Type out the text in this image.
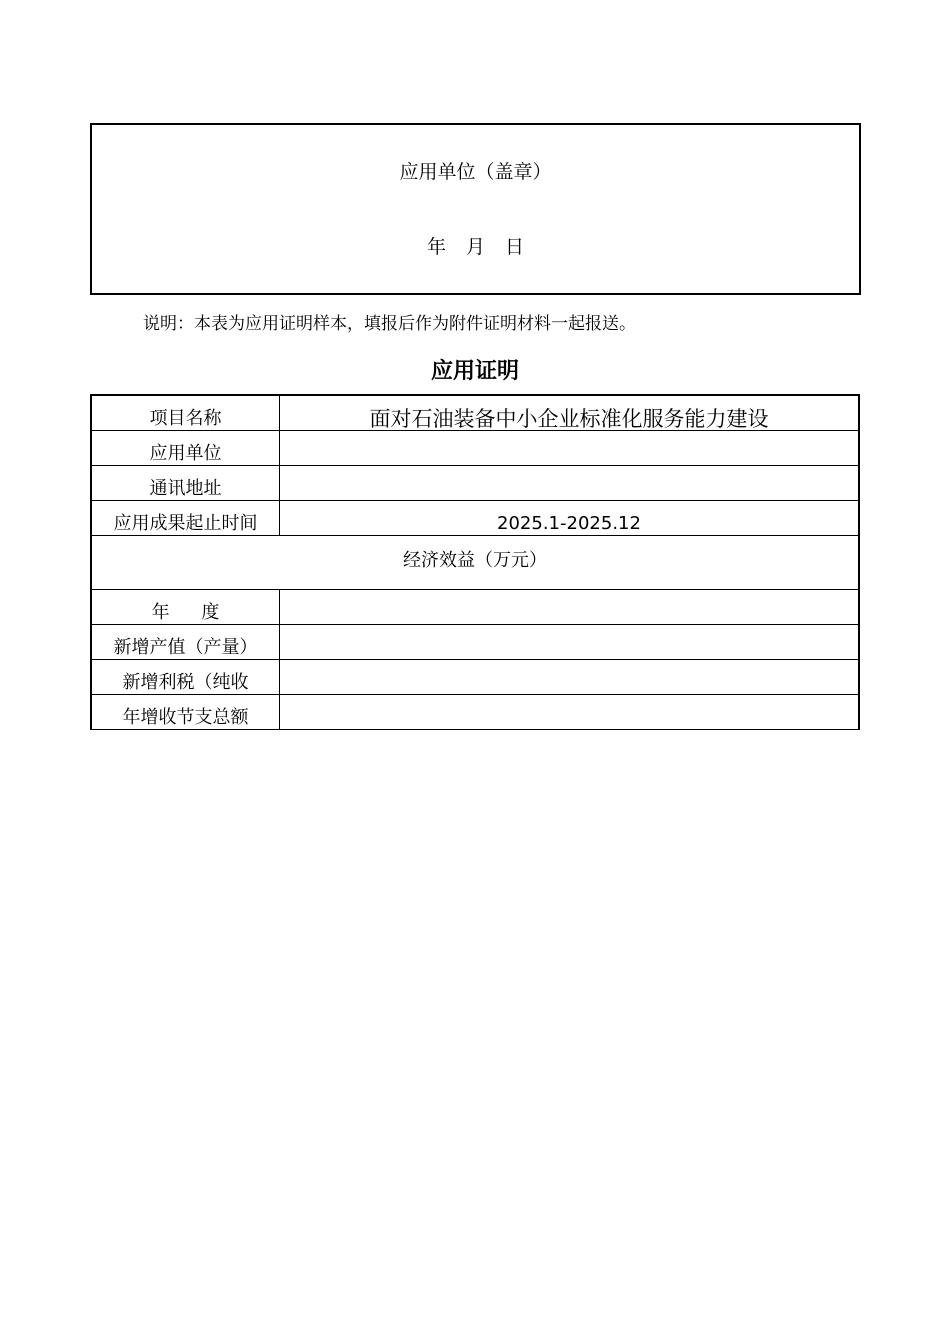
应用单位（盖章）
年 月 日
说明：本表为应用证明样本，填报后作为附件证明材料一起报送。
应用证明
项目名称	面对石油装备中小企业标准化服务能力建设
应用单位	
通讯地址	
应用成果起止时间	2025.1-2025.12
经济效益（万元）	
年 度	
新增产值（产量）	
新增利税（纯收	
年增收节支总额	
